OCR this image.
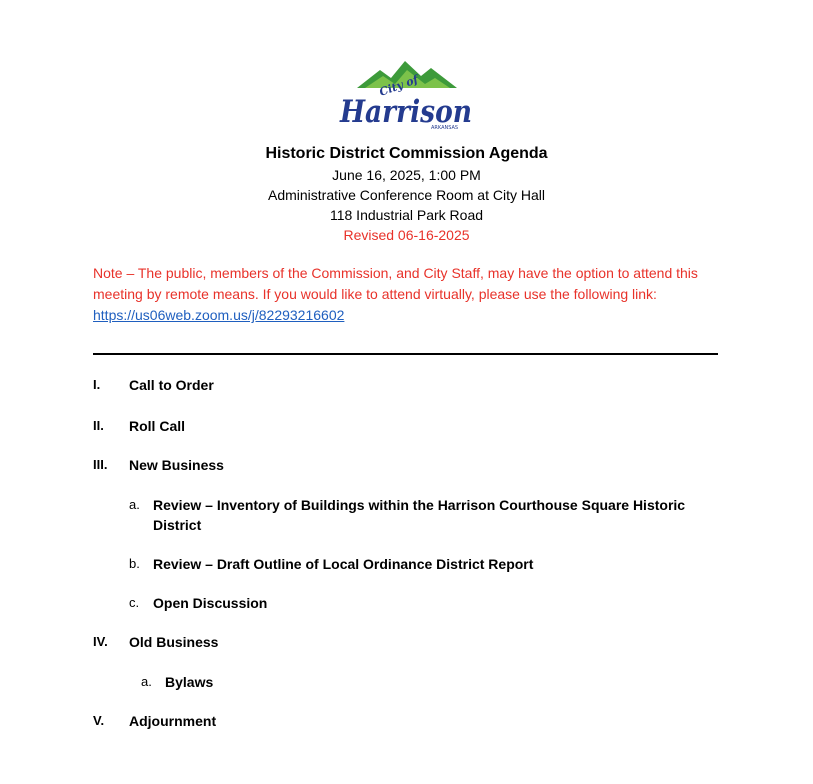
City of
Harrison
ARKANSAS
Historic District Commission Agenda
June 16, 2025, 1:00 PM
Administrative Conference Room at City Hall
118 Industrial Park Road
Revised 06-16-2025
Note – The public, members of the Commission, and City Staff, may have the option to attend this meeting by remote means. If you would like to attend virtually, please use the following link:  https://us06web.zoom.us/j/82293216602
I. Call to Order
II. Roll Call
III. New Business
a. Review – Inventory of Buildings within the Harrison Courthouse Square Historic District
b. Review – Draft Outline of Local Ordinance District Report
c. Open Discussion
IV. Old Business
a. Bylaws
V. Adjournment
